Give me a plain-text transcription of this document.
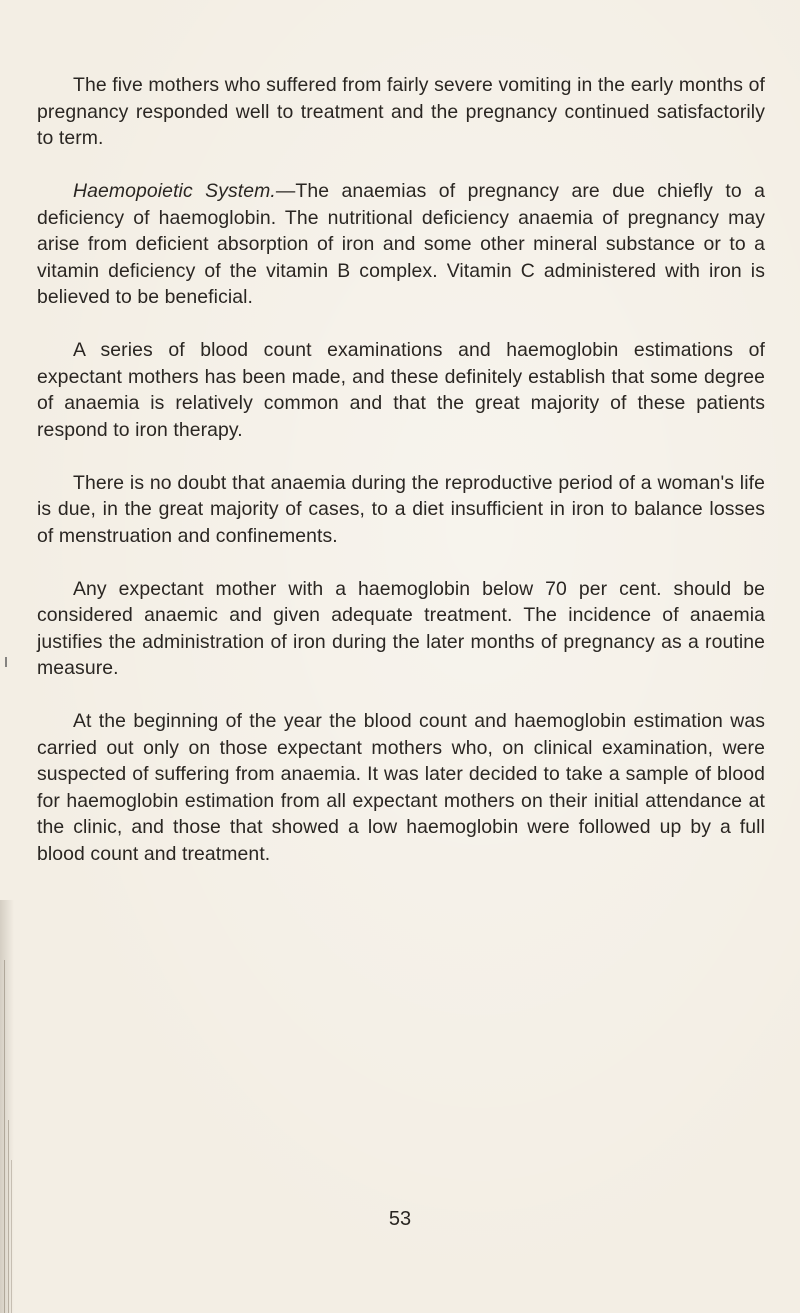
The five mothers who suffered from fairly severe vomiting in the early months of pregnancy responded well to treatment and the pregnancy continued satisfactorily to term.

Haemopoietic System.—The anaemias of pregnancy are due chiefly to a deficiency of haemoglobin. The nutritional deficiency anaemia of pregnancy may arise from deficient absorption of iron and some other mineral substance or to a vitamin deficiency of the vitamin B complex. Vitamin C administered with iron is believed to be beneficial.

A series of blood count examinations and haemoglobin estimations of expectant mothers has been made, and these definitely establish that some degree of anaemia is relatively common and that the great majority of these patients respond to iron therapy.

There is no doubt that anaemia during the reproductive period of a woman's life is due, in the great majority of cases, to a diet insufficient in iron to balance losses of menstruation and confinements.

Any expectant mother with a haemoglobin below 70 per cent. should be considered anaemic and given adequate treatment. The incidence of anaemia justifies the administration of iron during the later months of pregnancy as a routine measure.

At the beginning of the year the blood count and haemoglobin estimation was carried out only on those expectant mothers who, on clinical examination, were suspected of suffering from anaemia. It was later decided to take a sample of blood for haemoglobin estimation from all expectant mothers on their initial attendance at the clinic, and those that showed a low haemoglobin were followed up by a full blood count and treatment.

53
